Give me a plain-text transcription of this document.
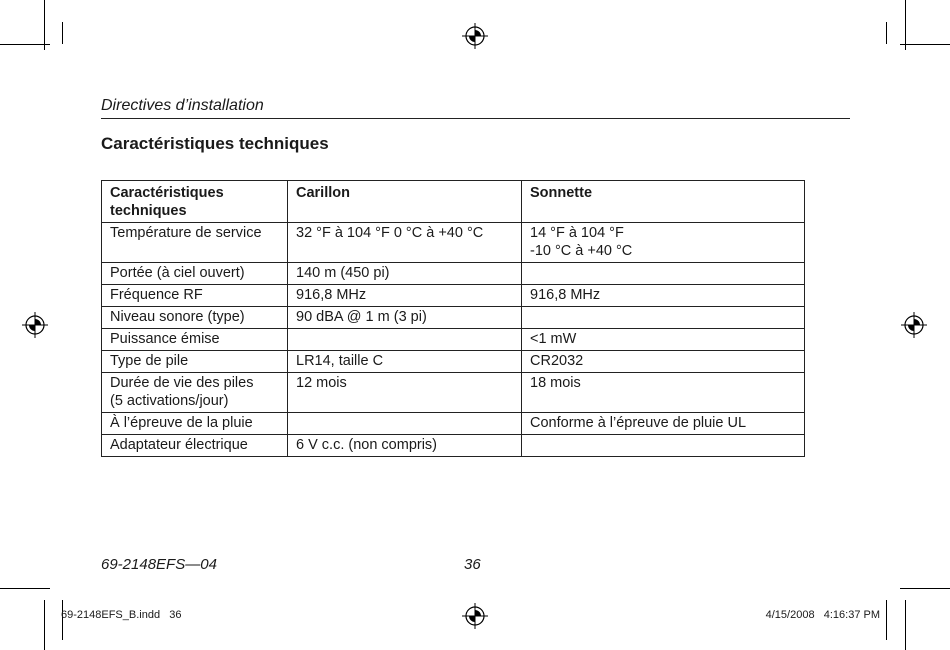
Directives d’installation
Caractéristiques techniques
Caractéristiques techniques	Carillon	Sonnette
Température de service	32 °F à 104 °F 0 °C à +40 °C	14 °F à 104 °F
-10 °C à +40 °C

Portée (à ciel ouvert)	140 m (450 pi)	
Fréquence RF	916,8 MHz	916,8 MHz
Niveau sonore (type)	90 dBA @ 1 m (3 pi)	
Puissance émise		<1 mW
Type de pile	LR14, taille C	CR2032

Durée de vie des piles
(5 activations/jour)	12 mois	18 mois
À l’épreuve de la pluie		Conforme à l’épreuve de pluie UL
Adaptateur électrique	6 V c.c. (non compris)	
69-2148EFS—04	36
69-2148EFS_B.indd   36	4/15/2008   4:16:37 PM
